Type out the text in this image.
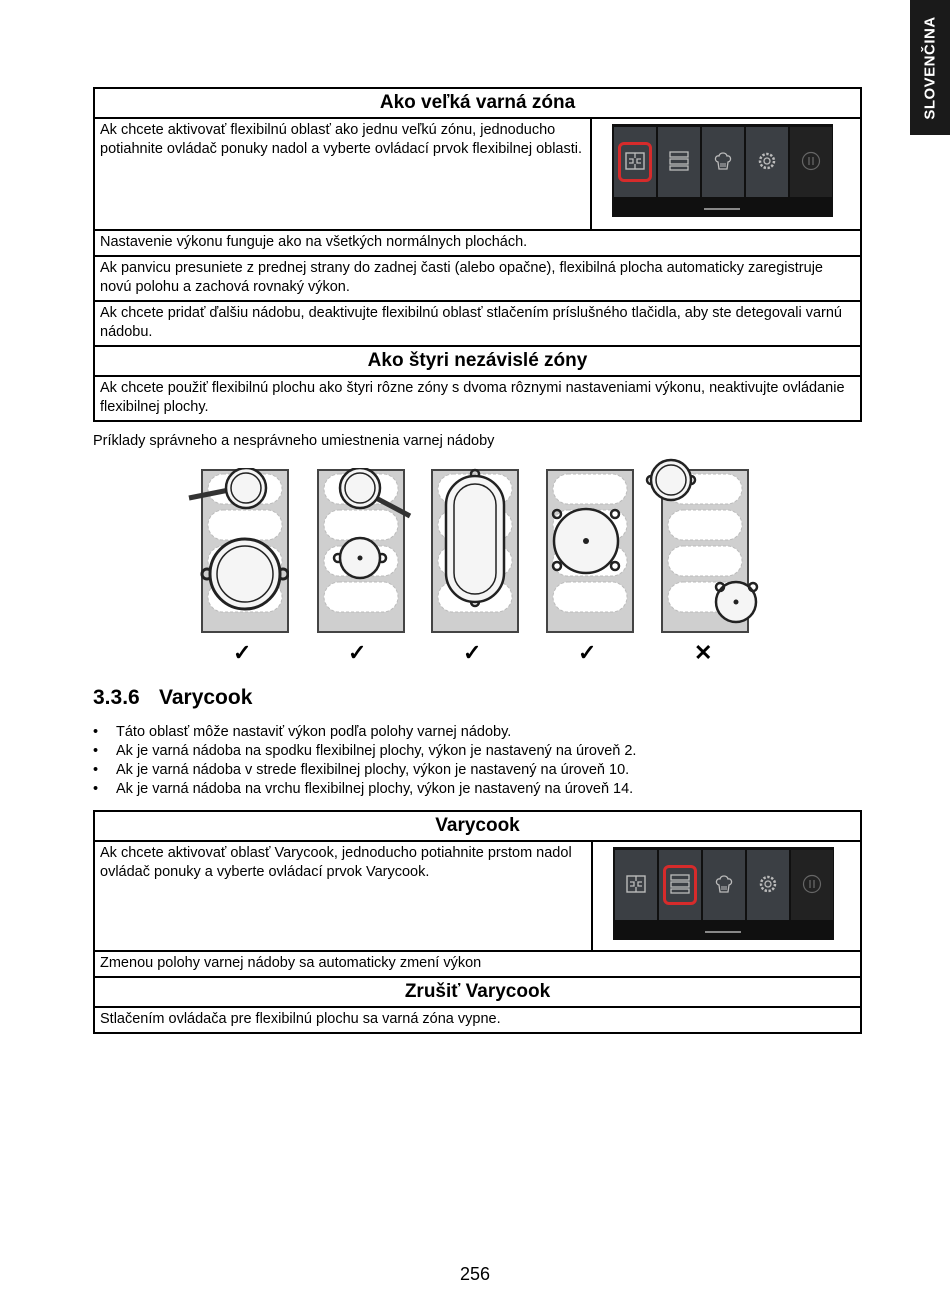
SLOVENČINA
Ako veľká varná zóna
Ak chcete aktivovať flexibilnú oblasť ako jednu veľkú zónu, jednoducho potiahnite ovládač ponuky nadol a vyberte ovládací prvok flexibilnej oblasti.	

Nastavenie výkonu funguje ako na všetkých normálnych plochách.
Ak panvicu presuniete z prednej strany do zadnej časti (alebo opačne), flexibilná plocha automaticky zaregistruje novú polohu a zachová rovnaký výkon.
Ak chcete pridať ďalšiu nádobu, deaktivujte flexibilnú oblasť stlačením príslušného tlačidla, aby ste detegovali varnú nádobu.
Ako štyri nezávislé zóny
Ak chcete použiť flexibilnú plochu ako štyri rôzne zóny s dvoma rôznymi nastaveniami výkonu, neaktivujte ovládanie flexibilnej plochy.
Príklady správneho a nesprávneho umiestnenia varnej nádoby
✓	✓	✓	✓	✕
3.3.6 Varycook
• Táto oblasť môže nastaviť výkon podľa polohy varnej nádoby.
• Ak je varná nádoba na spodku flexibilnej plochy, výkon je nastavený na úroveň 2.
• Ak je varná nádoba v strede flexibilnej plochy, výkon je nastavený na úroveň 10.
• Ak je varná nádoba na vrchu flexibilnej plochy, výkon je nastavený na úroveň 14.
Varycook
Ak chcete aktivovať oblasť Varycook, jednoducho potiahnite prstom nadol ovládač ponuky a vyberte ovládací prvok Varycook.	

Zmenou polohy varnej nádoby sa automaticky zmení výkon
Zrušiť Varycook
Stlačením ovládača pre flexibilnú plochu sa varná zóna vypne.
256
